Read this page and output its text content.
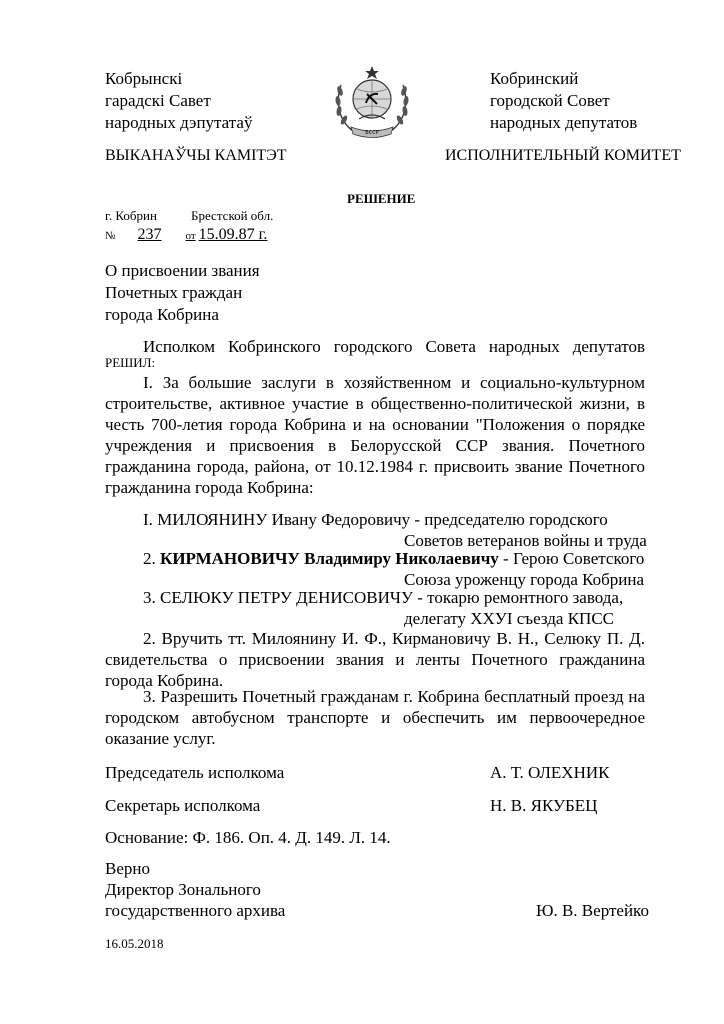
Кобрынскі
гарадскі Савет
народных дэпутатаў
БССР
Кобринский
городской Совет
народных депутатов
ВЫКАНАЎЧЫ КАМІТЭТ	ИСПОЛНИТЕЛЬНЫЙ КОМИТЕТ
РЕШЕНИЕ
г. Кобрин	Брестской обл.
№ 237 от 15.09.87 г.
О присвоении звания
Почетных граждан
города Кобрина
Исполком Кобринского городского Совета народных депутатов
РЕШИЛ:
I. За большие заслуги в хозяйственном и социально-культурном строительстве, активное участие в общественно-политической жизни, в честь 700-летия города Кобрина и на основании "Положения о порядке учреждения и присвоения в Белорусской ССР звания. Почетного гражданина города, района, от 10.12.1984 г. присвоить звание Почетного гражданина города Кобрина:
I. МИЛОЯНИНУ Ивану Федоровичу - председателю городского
Советов ветеранов войны и труда
2. КИРМАНОВИЧУ Владимиру Николаевичу - Герою Советского
Союза уроженцу города Кобрина
3. СЕЛЮКУ ПЕТРУ ДЕНИСОВИЧУ - токарю ремонтного завода,
делегату XXУI съезда КПСС
2. Вручить тт. Милоянину И. Ф., Кирмановичу В. Н., Селюку П. Д. свидетельства о присвоении звания и ленты Почетного гражданина города Кобрина.
3. Разрешить Почетный гражданам г. Кобрина бесплатный проезд на городском автобусном транспорте и обеспечить им первоочередное оказание услуг.
Председатель исполкома	А. Т. ОЛЕХНИК
Секретарь исполкома	Н. В. ЯКУБЕЦ
Основание: Ф. 186. Оп. 4. Д. 149. Л. 14.
Верно
Директор Зонального
государственного архива	Ю. В. Вертейко
16.05.2018
